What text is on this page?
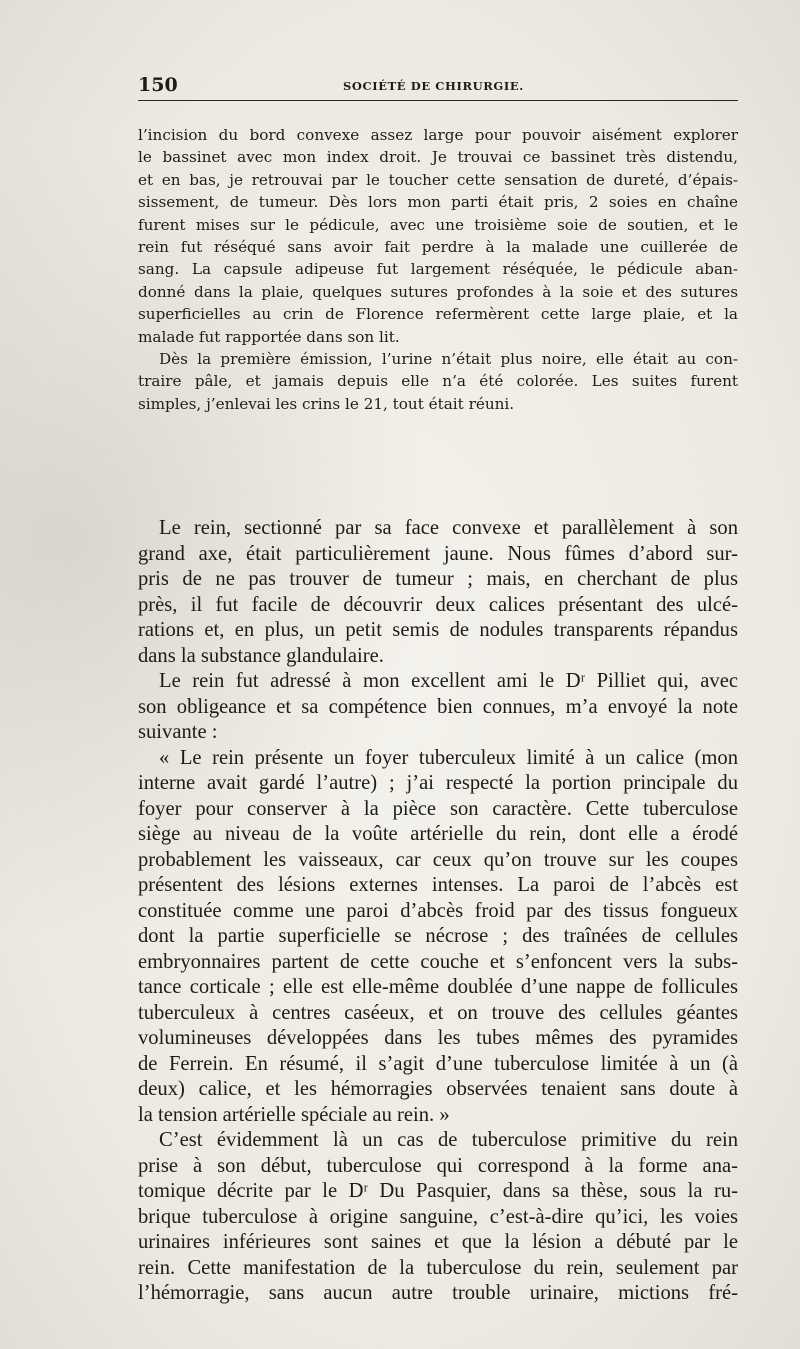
150	SOCIÉTÉ DE CHIRURGIE.
l’incision du bord convexe assez large pour pouvoir aisément explorer
le bassinet avec mon index droit. Je trouvai ce bassinet très distendu,
et en bas, je retrouvai par le toucher cette sensation de dureté, d’épais-
sissement, de tumeur. Dès lors mon parti était pris, 2 soies en chaîne
furent mises sur le pédicule, avec une troisième soie de soutien, et le
rein fut réséqué sans avoir fait perdre à la malade une cuillerée de
sang. La capsule adipeuse fut largement réséquée, le pédicule aban-
donné dans la plaie, quelques sutures profondes à la soie et des sutures
superficielles au crin de Florence refermèrent cette large plaie, et la
malade fut rapportée dans son lit.
Dès la première émission, l’urine n’était plus noire, elle était au con-
traire pâle, et jamais depuis elle n’a été colorée. Les suites furent
simples, j’enlevai les crins le 21, tout était réuni.
Le rein, sectionné par sa face convexe et parallèlement à son
grand axe, était particulièrement jaune. Nous fûmes d’abord sur-
pris de ne pas trouver de tumeur ; mais, en cherchant de plus
près, il fut facile de découvrir deux calices présentant des ulcé-
rations et, en plus, un petit semis de nodules transparents répandus
dans la substance glandulaire.
Le rein fut adressé à mon excellent ami le Dʳ Pilliet qui, avec
son obligeance et sa compétence bien connues, m’a envoyé la note
suivante :
« Le rein présente un foyer tuberculeux limité à un calice (mon
interne avait gardé l’autre) ; j’ai respecté la portion principale du
foyer pour conserver à la pièce son caractère. Cette tuberculose
siège au niveau de la voûte artérielle du rein, dont elle a érodé
probablement les vaisseaux, car ceux qu’on trouve sur les coupes
présentent des lésions externes intenses. La paroi de l’abcès est
constituée comme une paroi d’abcès froid par des tissus fongueux
dont la partie superficielle se nécrose ; des traînées de cellules
embryonnaires partent de cette couche et s’enfoncent vers la subs-
tance corticale ; elle est elle-même doublée d’une nappe de follicules
tuberculeux à centres caséeux, et on trouve des cellules géantes
volumineuses développées dans les tubes mêmes des pyramides
de Ferrein. En résumé, il s’agit d’une tuberculose limitée à un (à
deux) calice, et les hémorragies observées tenaient sans doute à
la tension artérielle spéciale au rein. »
C’est évidemment là un cas de tuberculose primitive du rein
prise à son début, tuberculose qui correspond à la forme ana-
tomique décrite par le Dʳ Du Pasquier, dans sa thèse, sous la ru-
brique tuberculose à origine sanguine, c’est-à-dire qu’ici, les voies
urinaires inférieures sont saines et que la lésion a débuté par le
rein. Cette manifestation de la tuberculose du rein, seulement par
l’hémorragie, sans aucun autre trouble urinaire, mictions fré-
